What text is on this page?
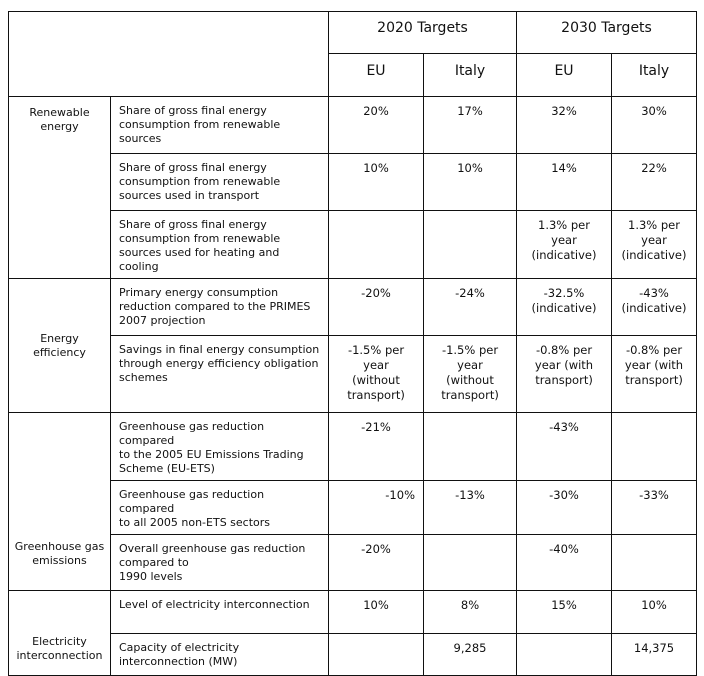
		2020 Targets		2030 Targets	

		EU	Italy	EU	Italy

Renewable
energy	Share of gross final energy
consumption from renewable
sources	20%	17%	32%	30%

	Share of gross final energy
consumption from renewable
sources used in transport	10%	10%	14%	22%

	Share of gross final energy
consumption from renewable
sources used for heating and cooling			1.3% per
year
(indicative)	1.3% per
year
(indicative)

Energy
efficiency	Primary energy consumption
reduction compared to the PRIMES
2007 projection	-20%	-24%	-32.5%
(indicative)	-43%
(indicative)

	Savings in final energy consumption
through energy efficiency obligation
schemes	-1.5% per
year
(without
transport)	-1.5% per
year
(without
transport)	-0.8% per
year (with
transport)	-0.8% per
year (with
transport)

Greenhouse gas
emissions	Greenhouse gas reduction compared
to the 2005 EU Emissions Trading
Scheme (EU-ETS)	-21%		-43%	

	Greenhouse gas reduction compared
to all 2005 non-ETS sectors	-10%	-13%	-30%	-33%

	Overall greenhouse gas reduction
compared to
1990 levels	-20%		-40%	

Electricity
interconnection	Level of electricity interconnection	10%	8%	15%	10%

	Capacity of electricity
interconnection (MW)		9,285		14,375
